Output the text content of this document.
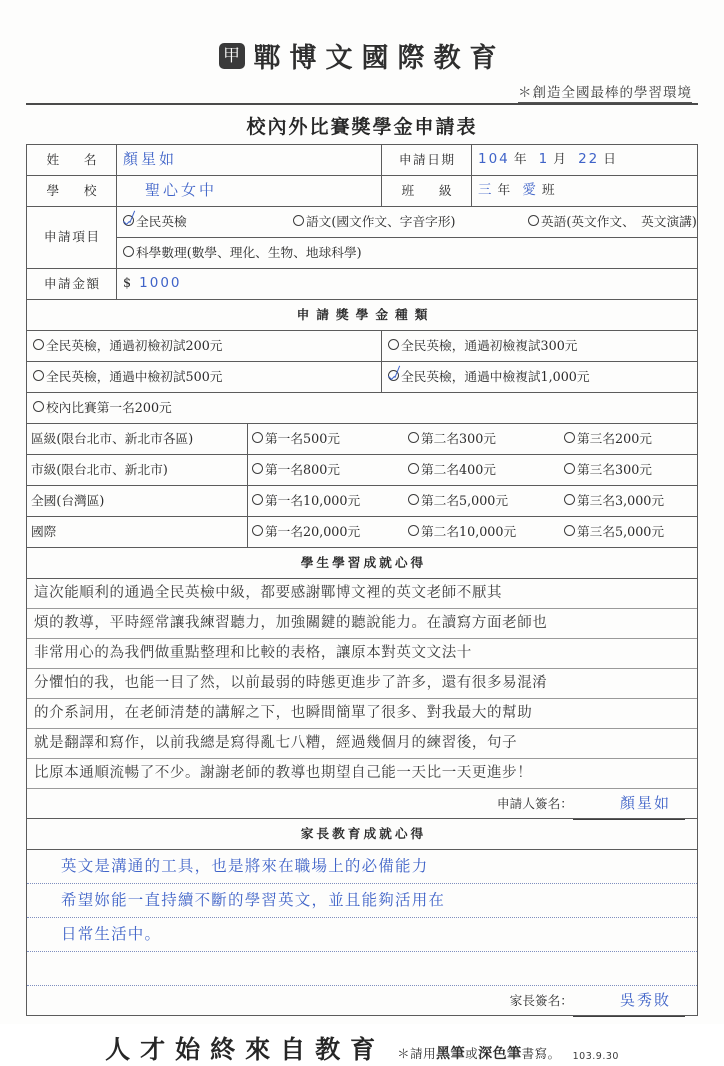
甲 鄲博文國際教育
＊創造全國最棒的學習環境
校內外比賽獎學金申請表
姓　名	顏星如	申請日期	104 年 1 月 22 日
學　校	聖心女中	班　級	三 年 愛 班
申請項目	
全民英檢	語文(國文作文、字音字形)	英語(英文作文、　英文演講)

科學數理(數學、理化、生物、地球科學)
申請金額	$ 1000
申請獎學金種類
全民英檢，通過初檢初試200元	全民英檢，通過初檢複試300元
全民英檢，通過中檢初試500元	全民英檢，通過中檢複試1,000元
校內比賽第一名200元

區級(限台北市、新北市各區)	第一名500元	第二名300元	第三名200元

市級(限台北市、新北市)	第一名800元	第二名400元	第三名300元

全國(台灣區)	第一名10,000元	第二名5,000元	第三名3,000元

國際	第一名20,000元	第二名10,000元	第三名5,000元

學生學習成就心得

這次能順利的通過全民英檢中級，都要感謝鄲博文裡的英文老師不厭其
煩的教導，平時經常讓我練習聽力，加強關鍵的聽說能力。在讀寫方面老師也
非常用心的為我們做重點整理和比較的表格，讓原本對英文文法十
分懼怕的我，也能一目了然，以前最弱的時態更進步了許多，還有很多易混淆
的介系詞用，在老師清楚的講解之下，也瞬間簡單了很多、對我最大的幫助
就是翻譯和寫作，以前我總是寫得亂七八糟，經過幾個月的練習後，句子
比原本通順流暢了不少。謝謝老師的教導也期望自己能一天比一天更進步！
申請人簽名：	顏星如

家長教育成就心得

英文是溝通的工具，也是將來在職場上的必備能力
希望妳能一直持續不斷的學習英文，並且能夠活用在
日常生活中。

家長簽名：	吳秀敗
人才始終來自教育 ＊請用黑筆或深色筆書寫。 103.9.30
